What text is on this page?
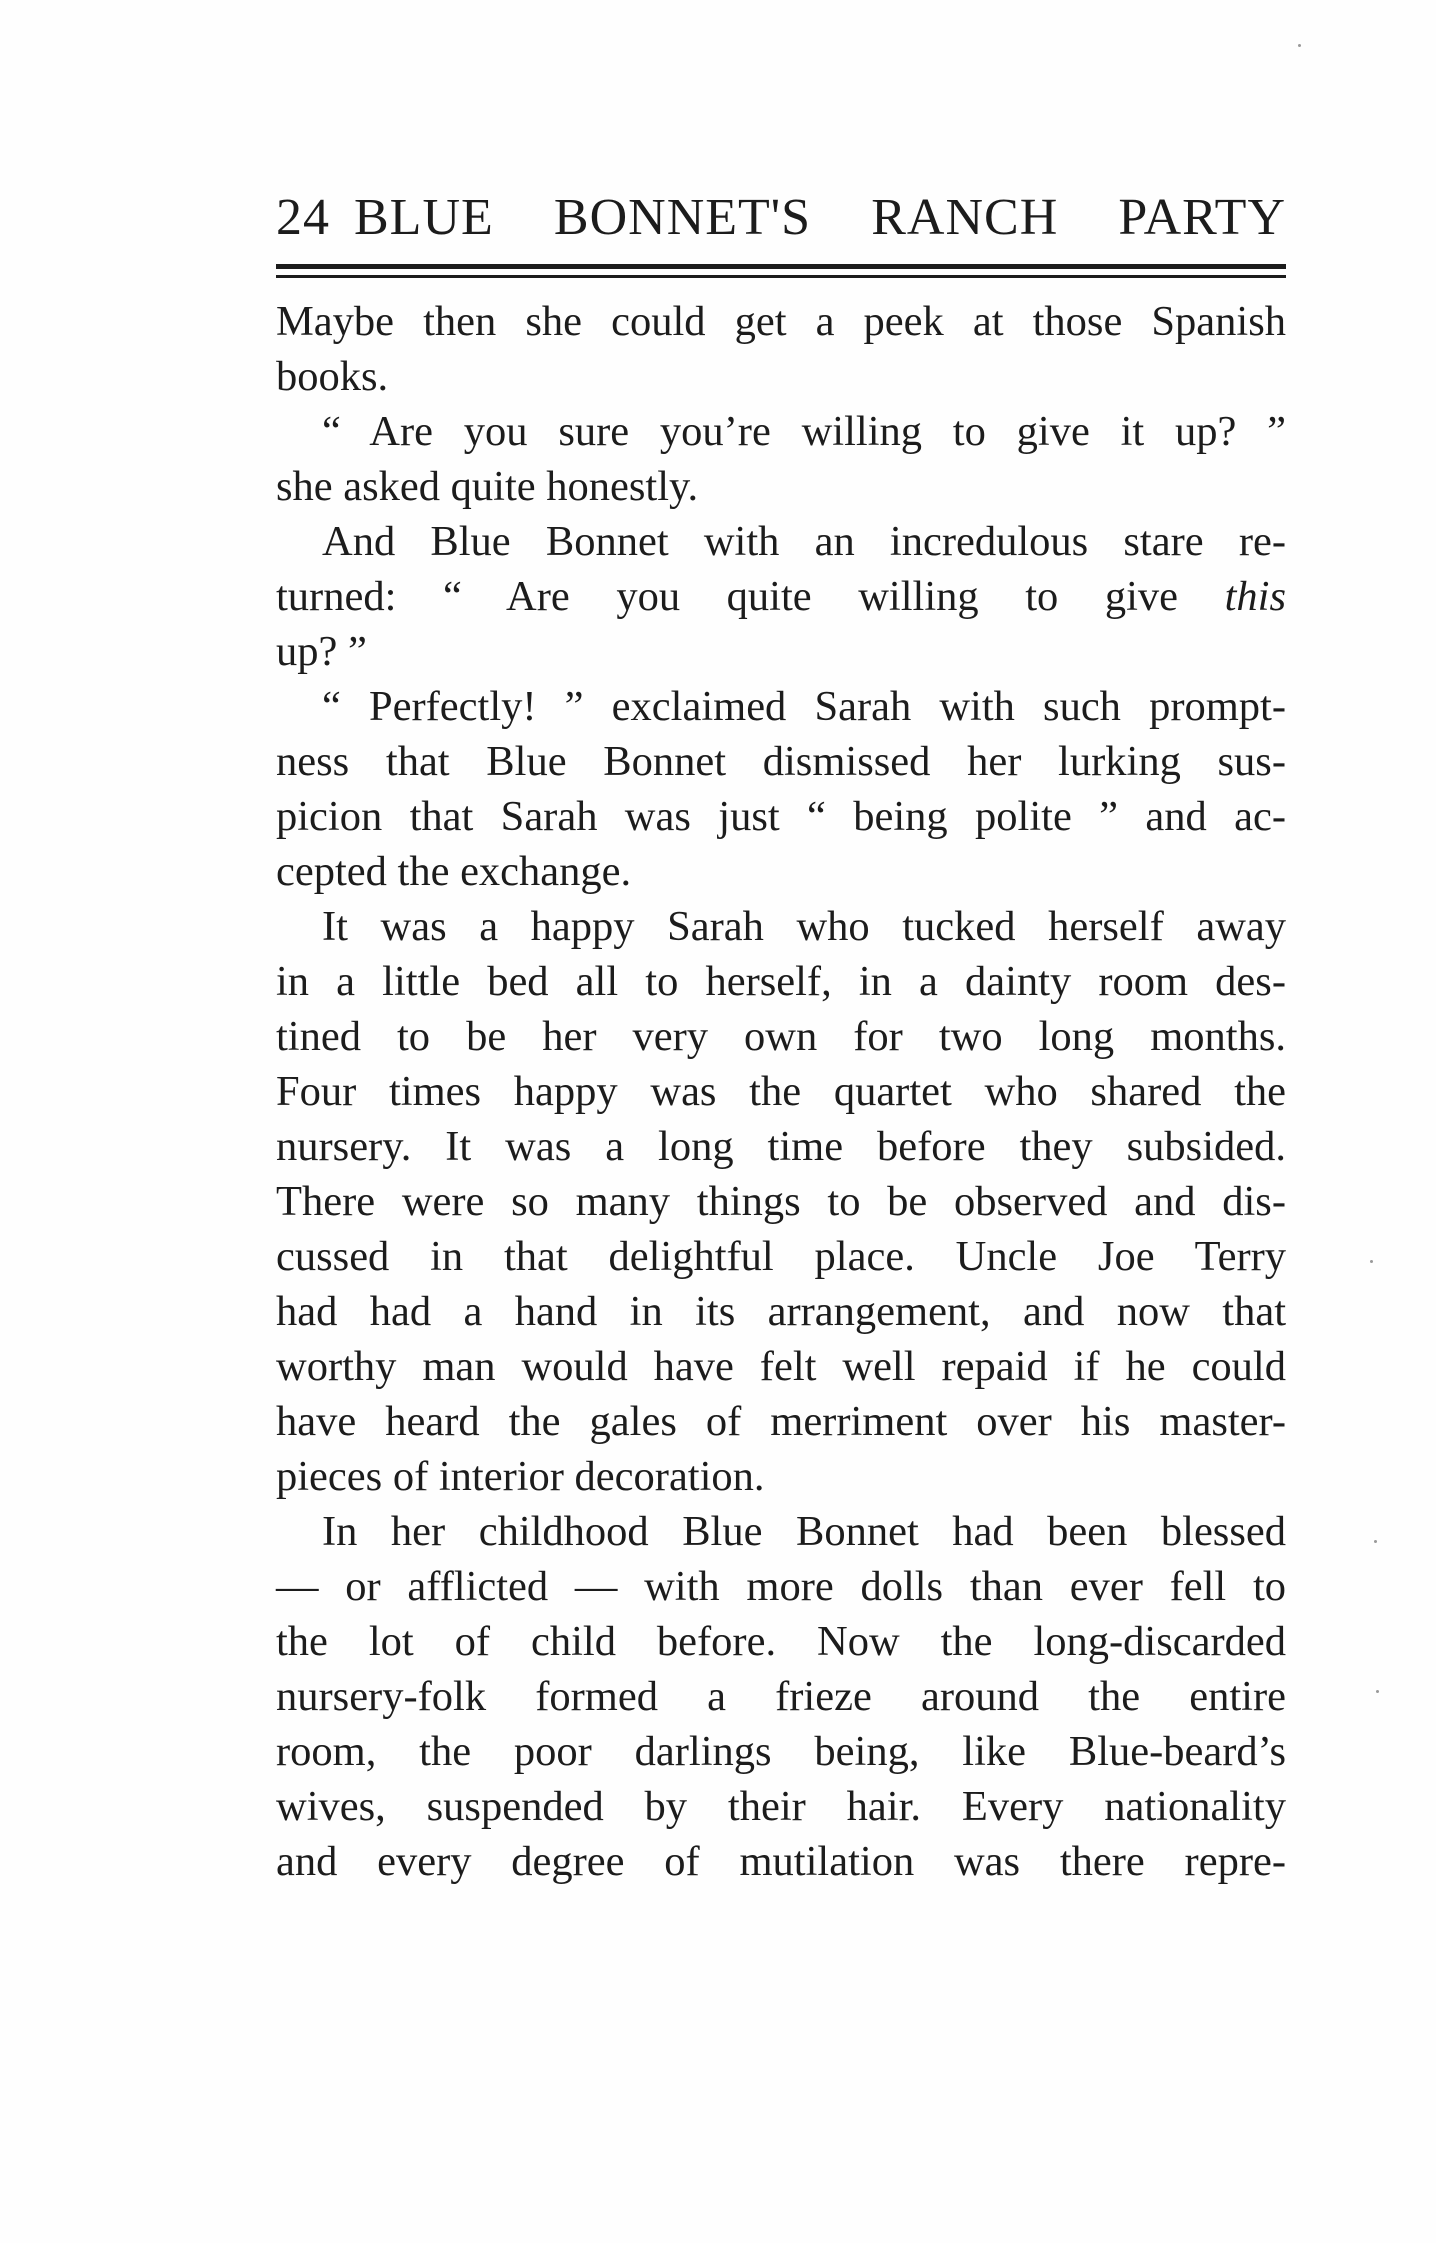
24 BLUE BONNET'S RANCH PARTY
Maybe then she could get a peek at those Spanish
books.
“ Are you sure you’re willing to give it up? ”
she asked quite honestly.
And Blue Bonnet with an incredulous stare re-
turned: “ Are you quite willing to give this
up? ”
“ Perfectly! ” exclaimed Sarah with such prompt-
ness that Blue Bonnet dismissed her lurking sus-
picion that Sarah was just “ being polite ” and ac-
cepted the exchange.
It was a happy Sarah who tucked herself away
in a little bed all to herself, in a dainty room des-
tined to be her very own for two long months.
Four times happy was the quartet who shared the
nursery. It was a long time before they subsided.
There were so many things to be observed and dis-
cussed in that delightful place. Uncle Joe Terry
had had a hand in its arrangement, and now that
worthy man would have felt well repaid if he could
have heard the gales of merriment over his master-
pieces of interior decoration.
In her childhood Blue Bonnet had been blessed
— or afflicted — with more dolls than ever fell to
the lot of child before. Now the long-discarded
nursery-folk formed a frieze around the entire
room, the poor darlings being, like Blue-beard’s
wives, suspended by their hair. Every nationality
and every degree of mutilation was there repre-
